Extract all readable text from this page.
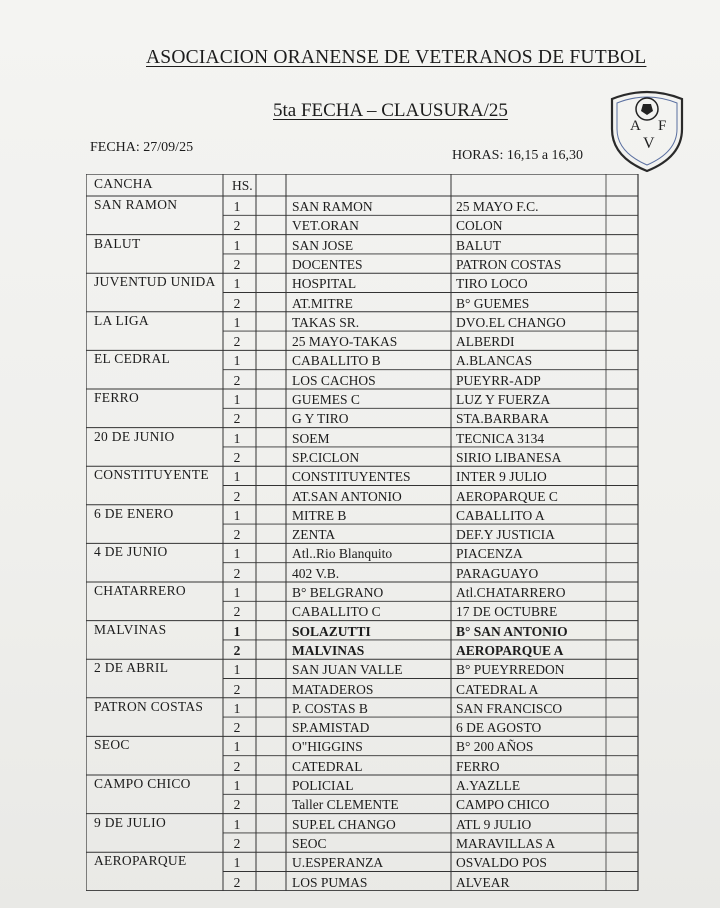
ASOCIACION ORANENSE DE VETERANOS DE FUTBOL
5ta FECHA – CLAUSURA/25
FECHA: 27/09/25
HORAS: 16,15 a 16,30
A F
V
CANCHA	HS.
SAN RAMON	1	SAN RAMON	25 MAYO F.C.
2	VET.ORAN	COLON
BALUT	1	SAN JOSE	BALUT
2	DOCENTES	PATRON COSTAS
JUVENTUD UNIDA	1	HOSPITAL	TIRO LOCO
2	AT.MITRE	B° GUEMES
LA LIGA	1	TAKAS SR.	DVO.EL CHANGO
2	25 MAYO-TAKAS	ALBERDI
EL CEDRAL	1	CABALLITO B	A.BLANCAS
2	LOS CACHOS	PUEYRR-ADP
FERRO	1	GUEMES C	LUZ Y FUERZA
2	G Y TIRO	STA.BARBARA
20 DE JUNIO	1	SOEM	TECNICA 3134
2	SP.CICLON	SIRIO LIBANESA
CONSTITUYENTE	1	CONSTITUYENTES	INTER 9 JULIO
2	AT.SAN ANTONIO	AEROPARQUE C
6 DE ENERO	1	MITRE B	CABALLITO A
2	ZENTA	DEF.Y JUSTICIA
4 DE JUNIO	1	Atl..Rio Blanquito	PIACENZA
2	402 V.B.	PARAGUAYO
CHATARRERO	1	B° BELGRANO	Atl.CHATARRERO
2	CABALLITO C	17 DE OCTUBRE
MALVINAS	1	SOLAZUTTI	B° SAN ANTONIO
2	MALVINAS	AEROPARQUE A
2 DE ABRIL	1	SAN JUAN VALLE	B° PUEYRREDON
2	MATADEROS	CATEDRAL A
PATRON COSTAS	1	P. COSTAS B	SAN FRANCISCO
2	SP.AMISTAD	6 DE AGOSTO
SEOC	1	O"HIGGINS	B° 200 AÑOS
2	CATEDRAL	FERRO
CAMPO CHICO	1	POLICIAL	A.YAZLLE
2	Taller CLEMENTE	CAMPO CHICO
9 DE JULIO	1	SUP.EL CHANGO	ATL 9 JULIO
2	SEOC	MARAVILLAS A
AEROPARQUE	1	U.ESPERANZA	OSVALDO POS
2	LOS PUMAS	ALVEAR
